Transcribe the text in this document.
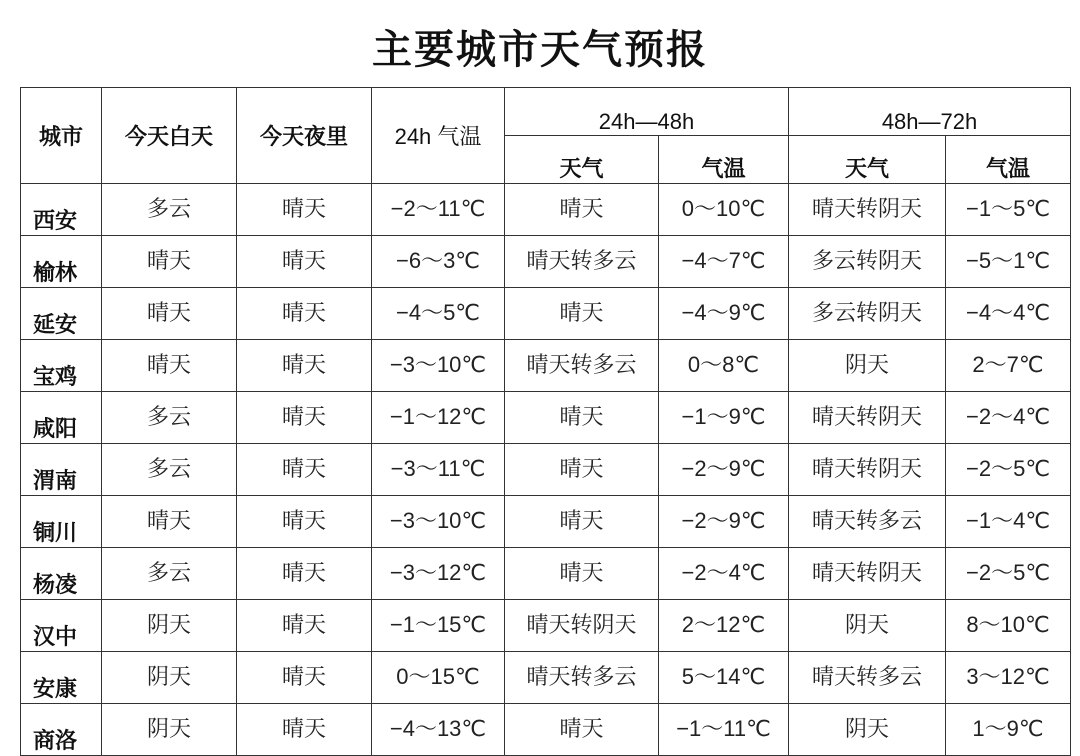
主要城市天气预报
城市	今天白天	今天夜里	24h 气温	24h—48h		48h—72h	
				天气	气温	天气	气温
西安	多云	晴天	−2～11℃	晴天	0～10℃	晴天转阴天	−1～5℃
榆林	晴天	晴天	−6～3℃	晴天转多云	−4～7℃	多云转阴天	−5～1℃
延安	晴天	晴天	−4～5℃	晴天	−4～9℃	多云转阴天	−4～4℃
宝鸡	晴天	晴天	−3～10℃	晴天转多云	0～8℃	阴天	2～7℃
咸阳	多云	晴天	−1～12℃	晴天	−1～9℃	晴天转阴天	−2～4℃
渭南	多云	晴天	−3～11℃	晴天	−2～9℃	晴天转阴天	−2～5℃
铜川	晴天	晴天	−3～10℃	晴天	−2～9℃	晴天转多云	−1～4℃
杨凌	多云	晴天	−3～12℃	晴天	−2～4℃	晴天转阴天	−2～5℃
汉中	阴天	晴天	−1～15℃	晴天转阴天	2～12℃	阴天	8～10℃
安康	阴天	晴天	0～15℃	晴天转多云	5～14℃	晴天转多云	3～12℃
商洛	阴天	晴天	−4～13℃	晴天	−1～11℃	阴天	1～9℃
